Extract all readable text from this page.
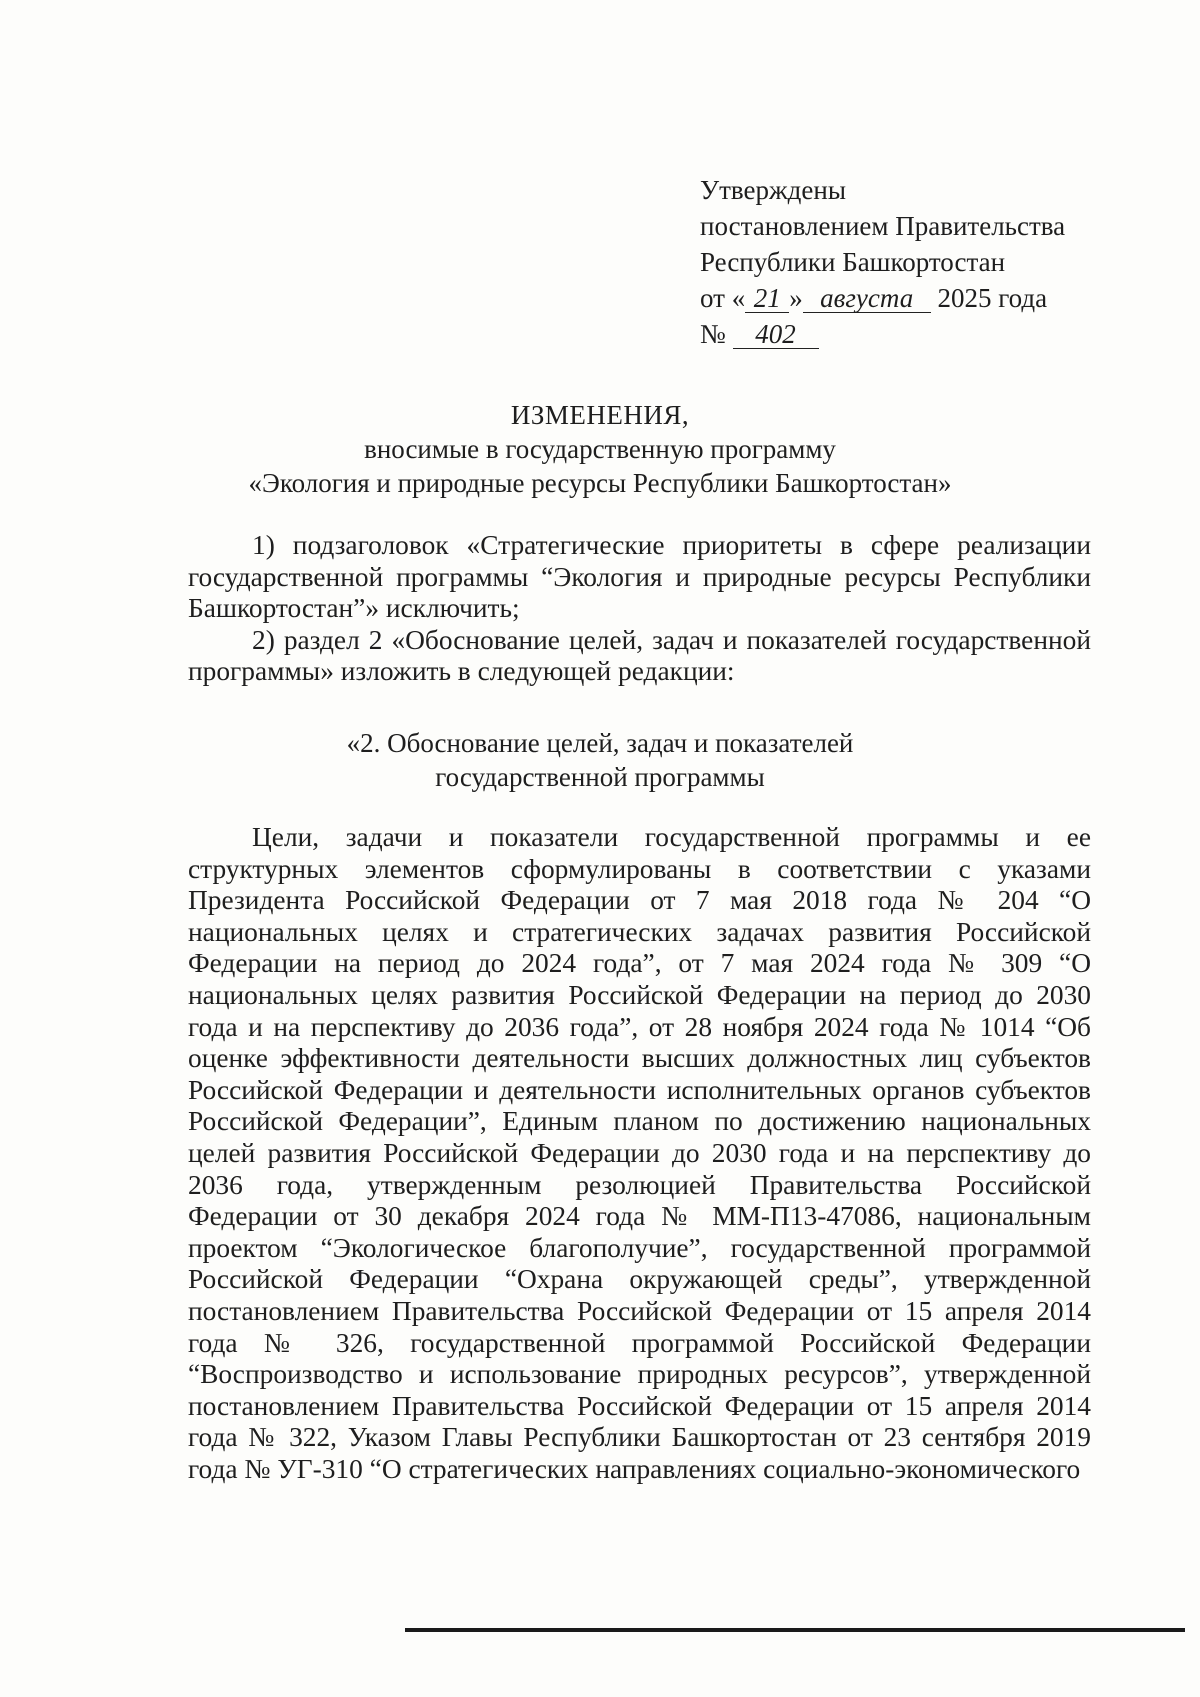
Утверждены
постановлением Правительства
Республики Башкортостан
от « 21 » августа 2025 года
№ 402
ИЗМЕНЕНИЯ,
вносимые в государственную программу
«Экология и природные ресурсы Республики Башкортостан»

1) подзаголовок «Стратегические приоритеты в сфере реализации государственной программы “Экология и природные ресурсы Республики Башкортостан”» исключить;

2) раздел 2 «Обоснование целей, задач и показателей государственной программы» изложить в следующей редакции:

«2. Обоснование целей, задач и показателей
государственной программы

Цели, задачи и показатели государственной программы и ее структурных элементов сформулированы в соответствии с указами Президента Российской Федерации от 7 мая 2018 года № 204 “О национальных целях и стратегических задачах развития Российской Федерации на период до 2024 года”, от 7 мая 2024 года № 309 “О национальных целях развития Российской Федерации на период до 2030 года и на перспективу до 2036 года”, от 28 ноября 2024 года № 1014 “Об оценке эффективности деятельности высших должностных лиц субъектов Российской Федерации и деятельности исполнительных органов субъектов Российской Федерации”, Единым планом по достижению национальных целей развития Российской Федерации до 2030 года и на перспективу до 2036 года, утвержденным резолюцией Правительства Российской Федерации от 30 декабря 2024 года № ММ-П13-47086, национальным проектом “Экологическое благополучие”, государственной программой Российской Федерации “Охрана окружающей среды”, утвержденной постановлением Правительства Российской Федерации от 15 апреля 2014 года № 326, государственной программой Российской Федерации “Воспроизводство и использование природных ресурсов”, утвержденной постановлением Правительства Российской Федерации от 15 апреля 2014 года № 322, Указом Главы Республики Башкортостан от 23 сентября 2019 года № УГ-310 “О стратегических направлениях социально-экономического
